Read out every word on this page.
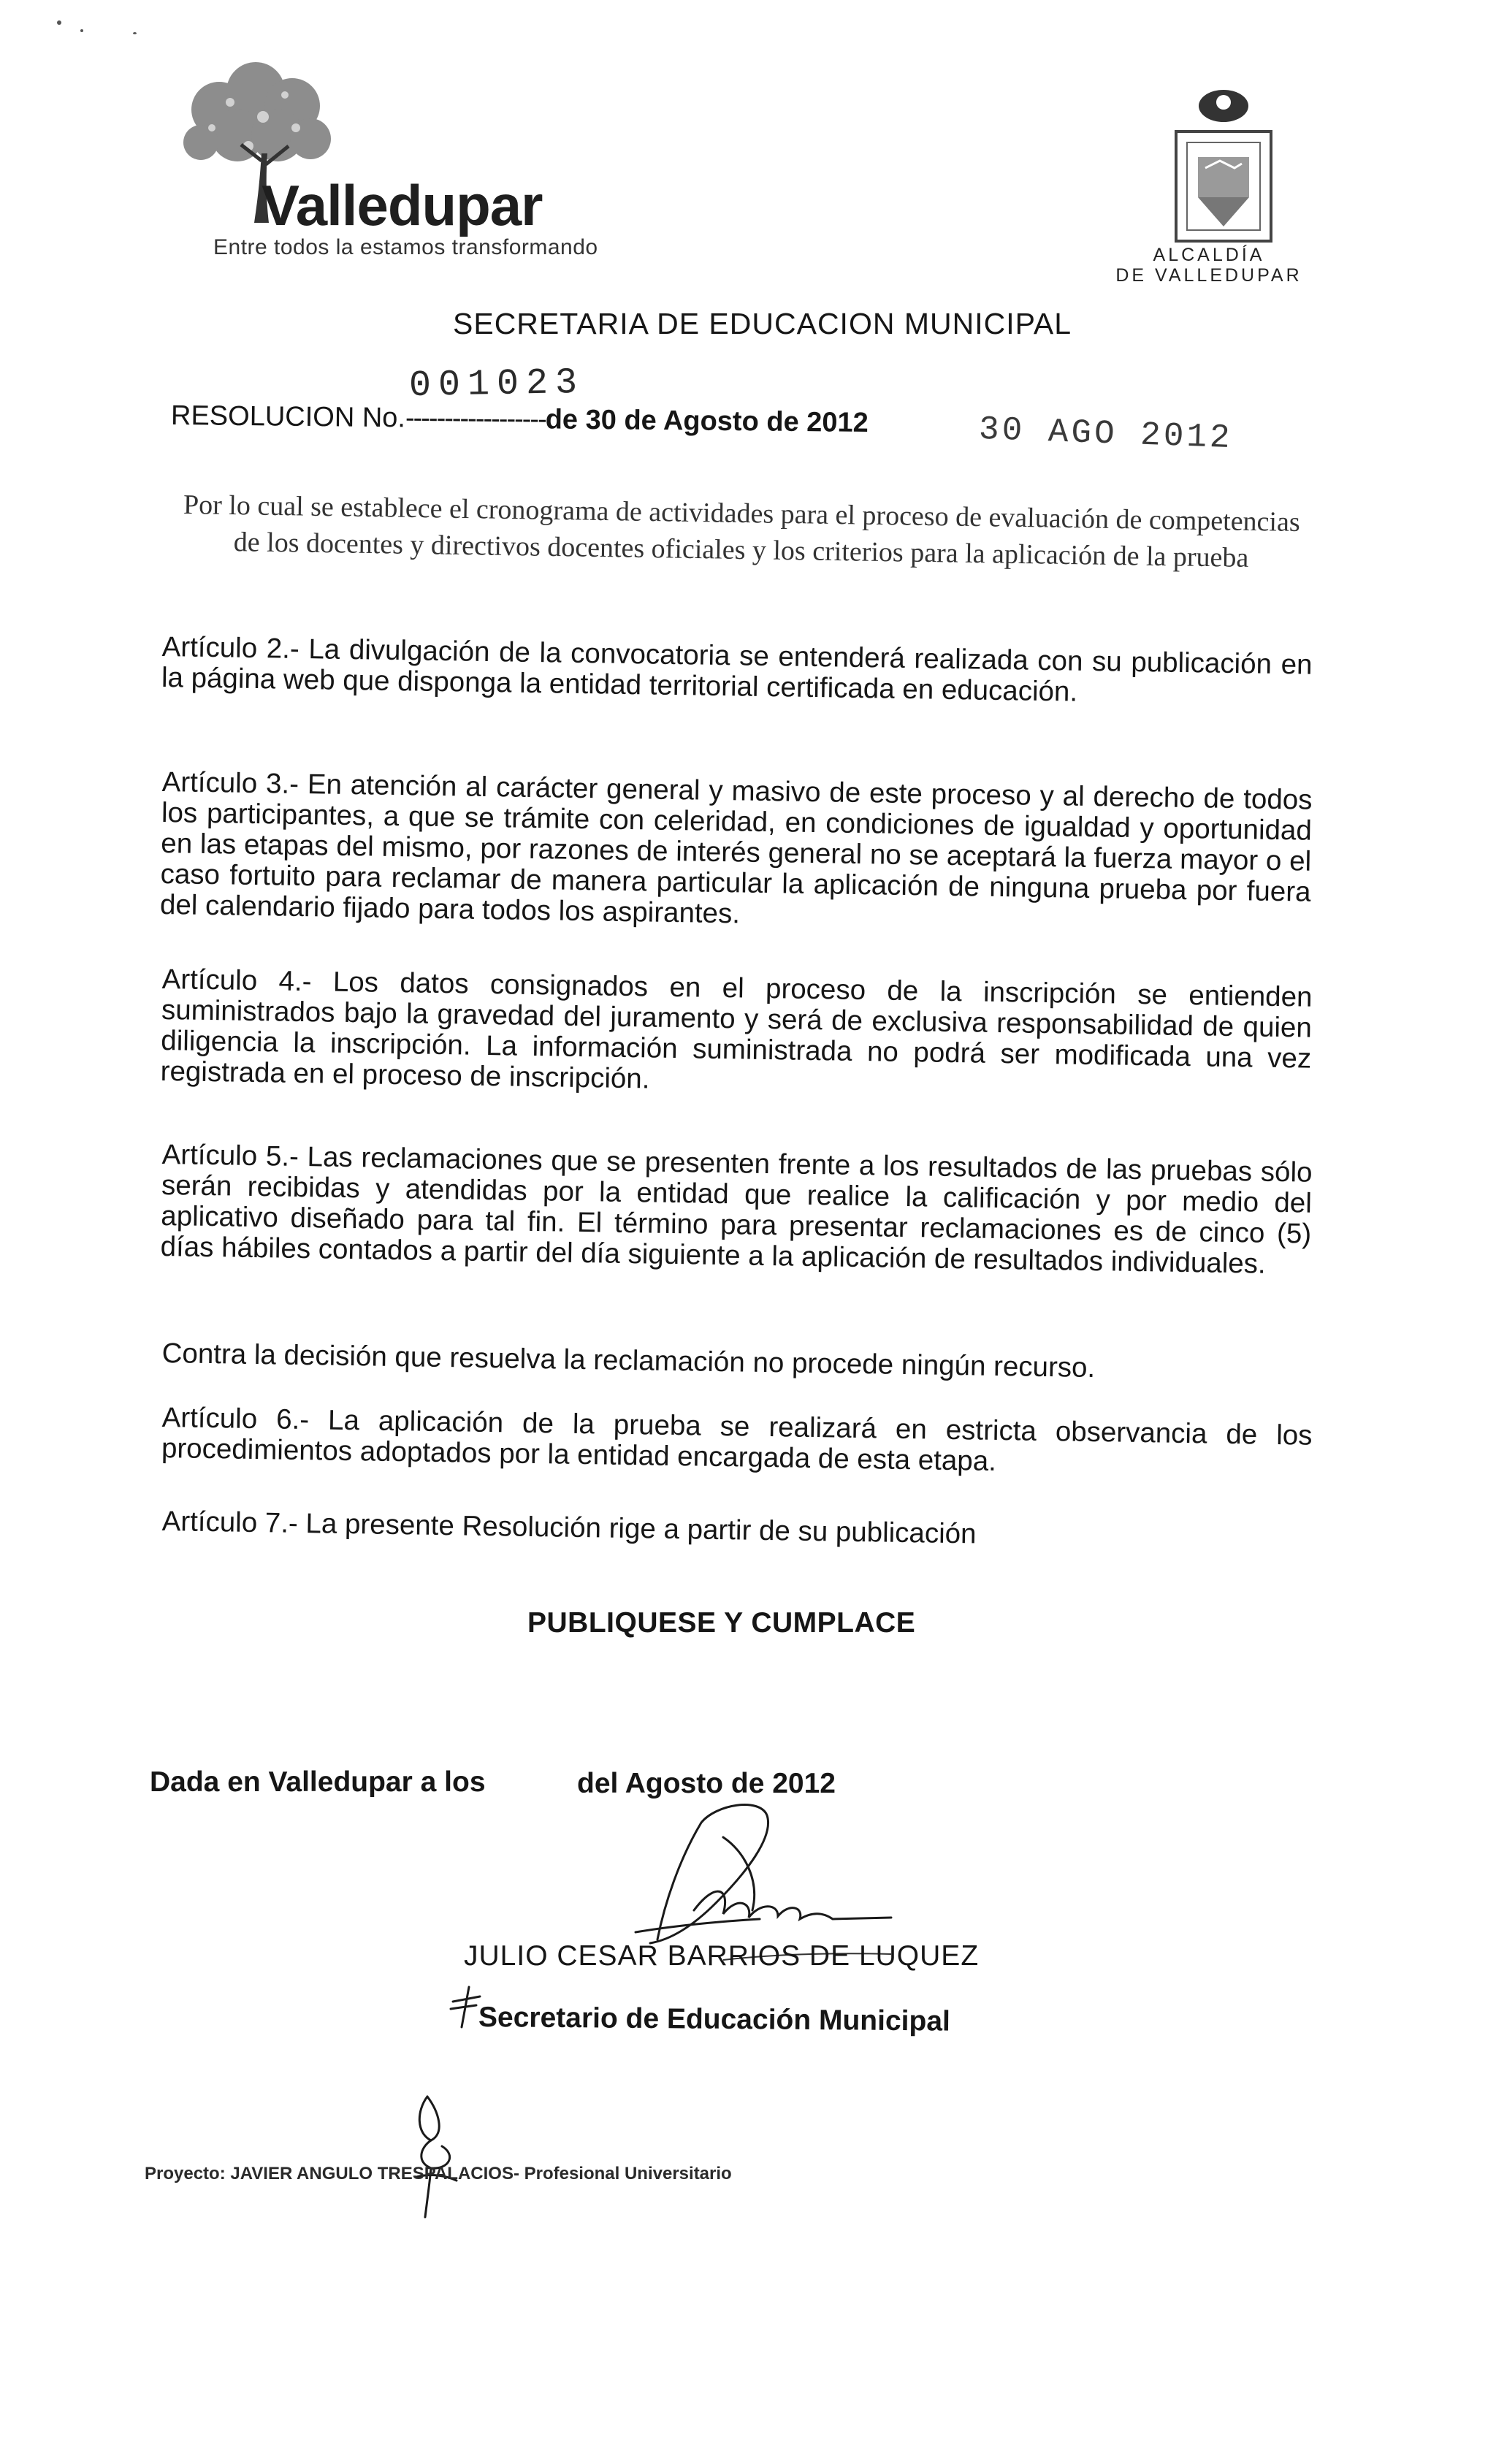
Valledupar
Entre todos la estamos transformando	ALCALDÍA
DE VALLEDUPAR
SECRETARIA DE EDUCACION MUNICIPAL
001023
RESOLUCION No.------------------de 30 de Agosto de 2012	30 AGO 2012
Por lo cual se establece el cronograma de actividades para el proceso de evaluación de competencias de los docentes y directivos docentes oficiales y los criterios para la aplicación de la prueba
Artículo 2.- La divulgación de la convocatoria se entenderá realizada con su publicación en la página web que disponga la entidad territorial certificada en educación.
Artículo 3.- En atención al carácter general y masivo de este proceso y al derecho de todos los participantes, a que se trámite con celeridad, en condiciones de igualdad y oportunidad en las etapas del mismo, por razones de interés general no se aceptará la fuerza mayor o el caso fortuito para reclamar de manera particular la aplicación de ninguna prueba por fuera del calendario fijado para todos los aspirantes.
Artículo 4.- Los datos consignados en el proceso de la inscripción se entienden suministrados bajo la gravedad del juramento y será de exclusiva responsabilidad de quien diligencia la inscripción. La información suministrada no podrá ser modificada una vez registrada en el proceso de inscripción.
Artículo 5.- Las reclamaciones que se presenten frente a los resultados de las pruebas sólo serán recibidas y atendidas por la entidad que realice la calificación y por medio del aplicativo diseñado para tal fin. El término para presentar reclamaciones es de cinco (5) días hábiles contados a partir del día siguiente a la aplicación de resultados individuales.
Contra la decisión que resuelva la reclamación no procede ningún recurso.
Artículo 6.- La aplicación de la prueba se realizará en estricta observancia de los procedimientos adoptados por la entidad encargada de esta etapa.
Artículo 7.- La presente Resolución rige a partir de su publicación
PUBLIQUESE Y CUMPLACE
Dada en Valledupar a los	del Agosto de 2012
JULIO CESAR BARRIOS DE LUQUEZ
Secretario de Educación Municipal
Proyecto: JAVIER ANGULO TRESPALACIOS- Profesional Universitario
